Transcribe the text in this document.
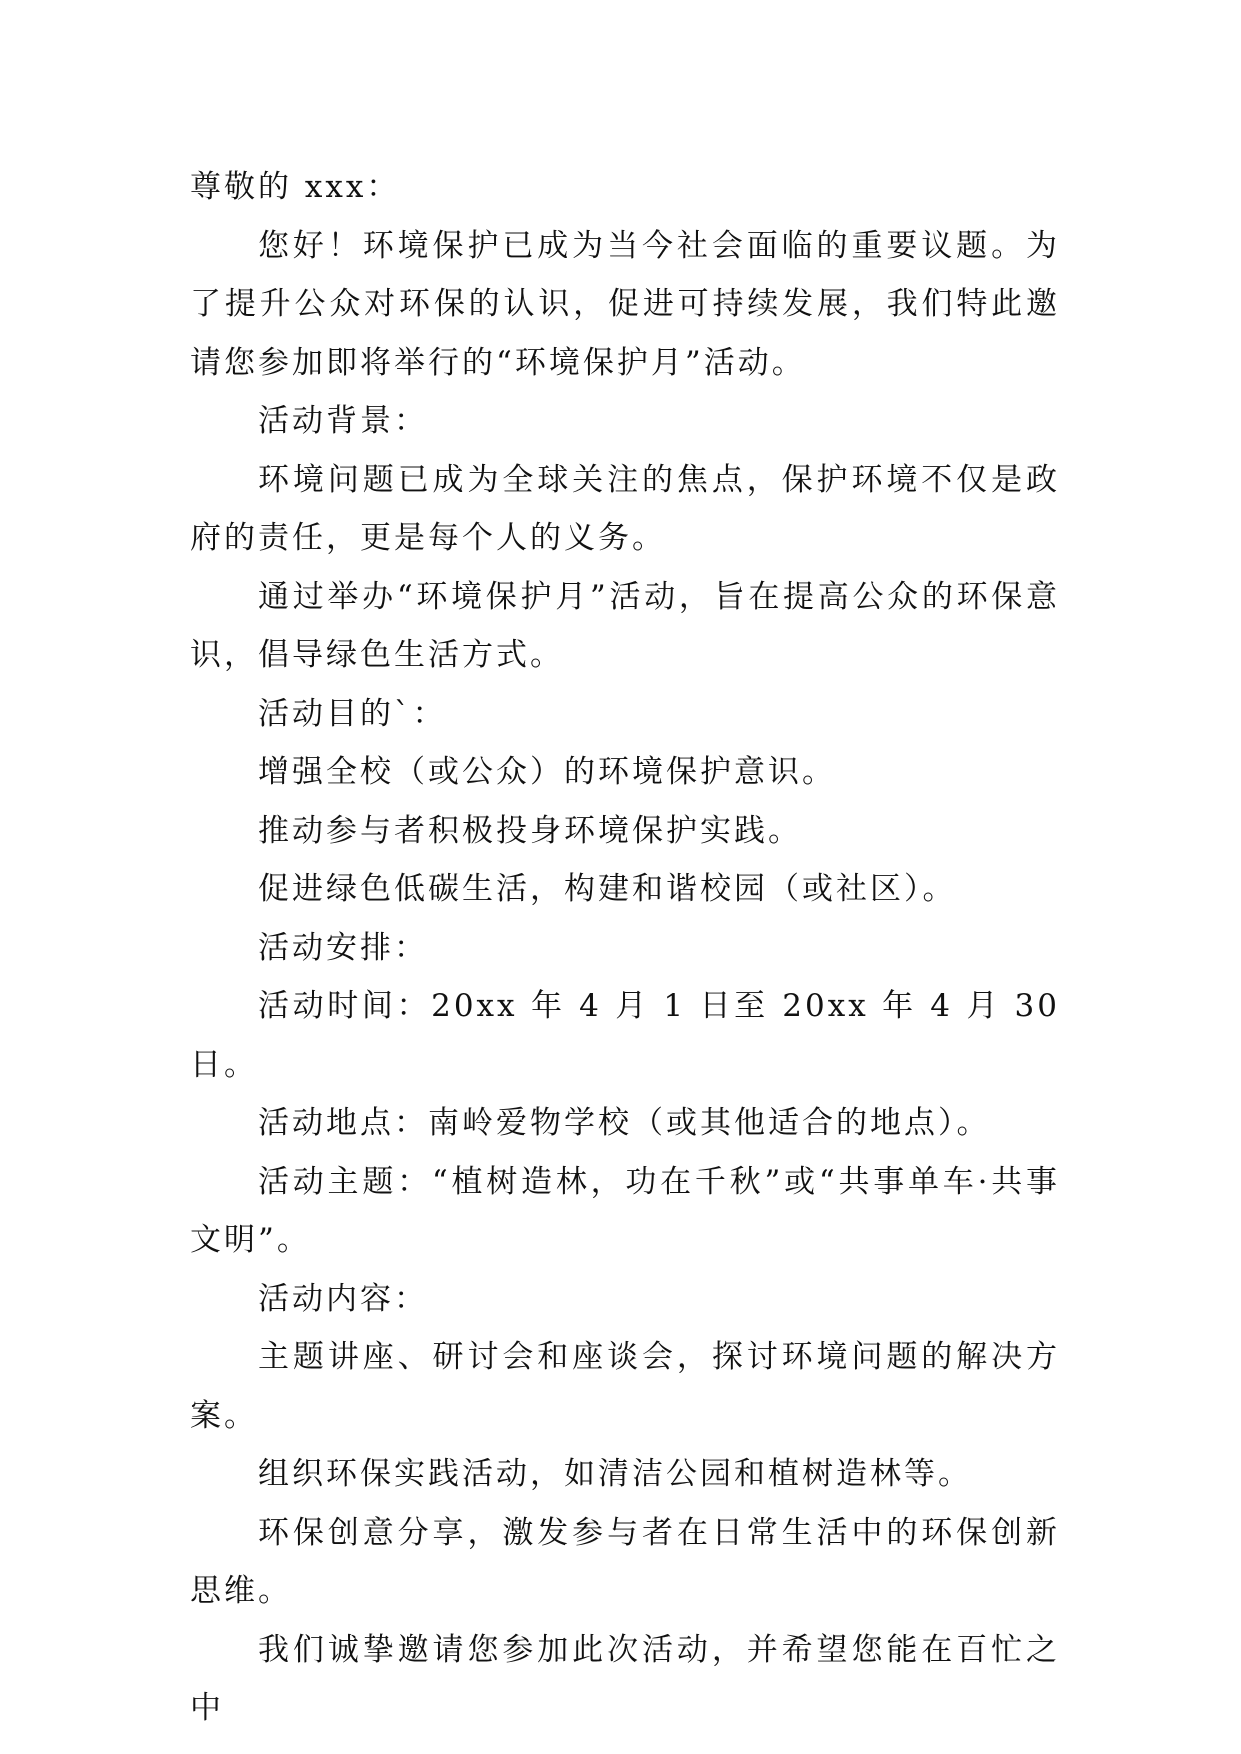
尊敬的 xxx：

您好！环境保护已成为当今社会面临的重要议题。为了提升公众对环保的认识，促进可持续发展，我们特此邀请您参加即将举行的“环境保护月”活动。

活动背景：

环境问题已成为全球关注的焦点，保护环境不仅是政府的责任，更是每个人的义务。

通过举办“环境保护月”活动，旨在提高公众的环保意识，倡导绿色生活方式。

活动目的`：

增强全校（或公众）的环境保护意识。

推动参与者积极投身环境保护实践。

促进绿色低碳生活，构建和谐校园（或社区）。

活动安排：

活动时间：20xx 年 4 月 1 日至 20xx 年 4 月 30 日。

活动地点：南岭爱物学校（或其他适合的地点）。

活动主题：“植树造林，功在千秋”或“共事单车·共事文明”。

活动内容：

主题讲座、研讨会和座谈会，探讨环境问题的解决方案。

组织环保实践活动，如清洁公园和植树造林等。

环保创意分享，激发参与者在日常生活中的环保创新思维。

我们诚挚邀请您参加此次活动，并希望您能在百忙之中
